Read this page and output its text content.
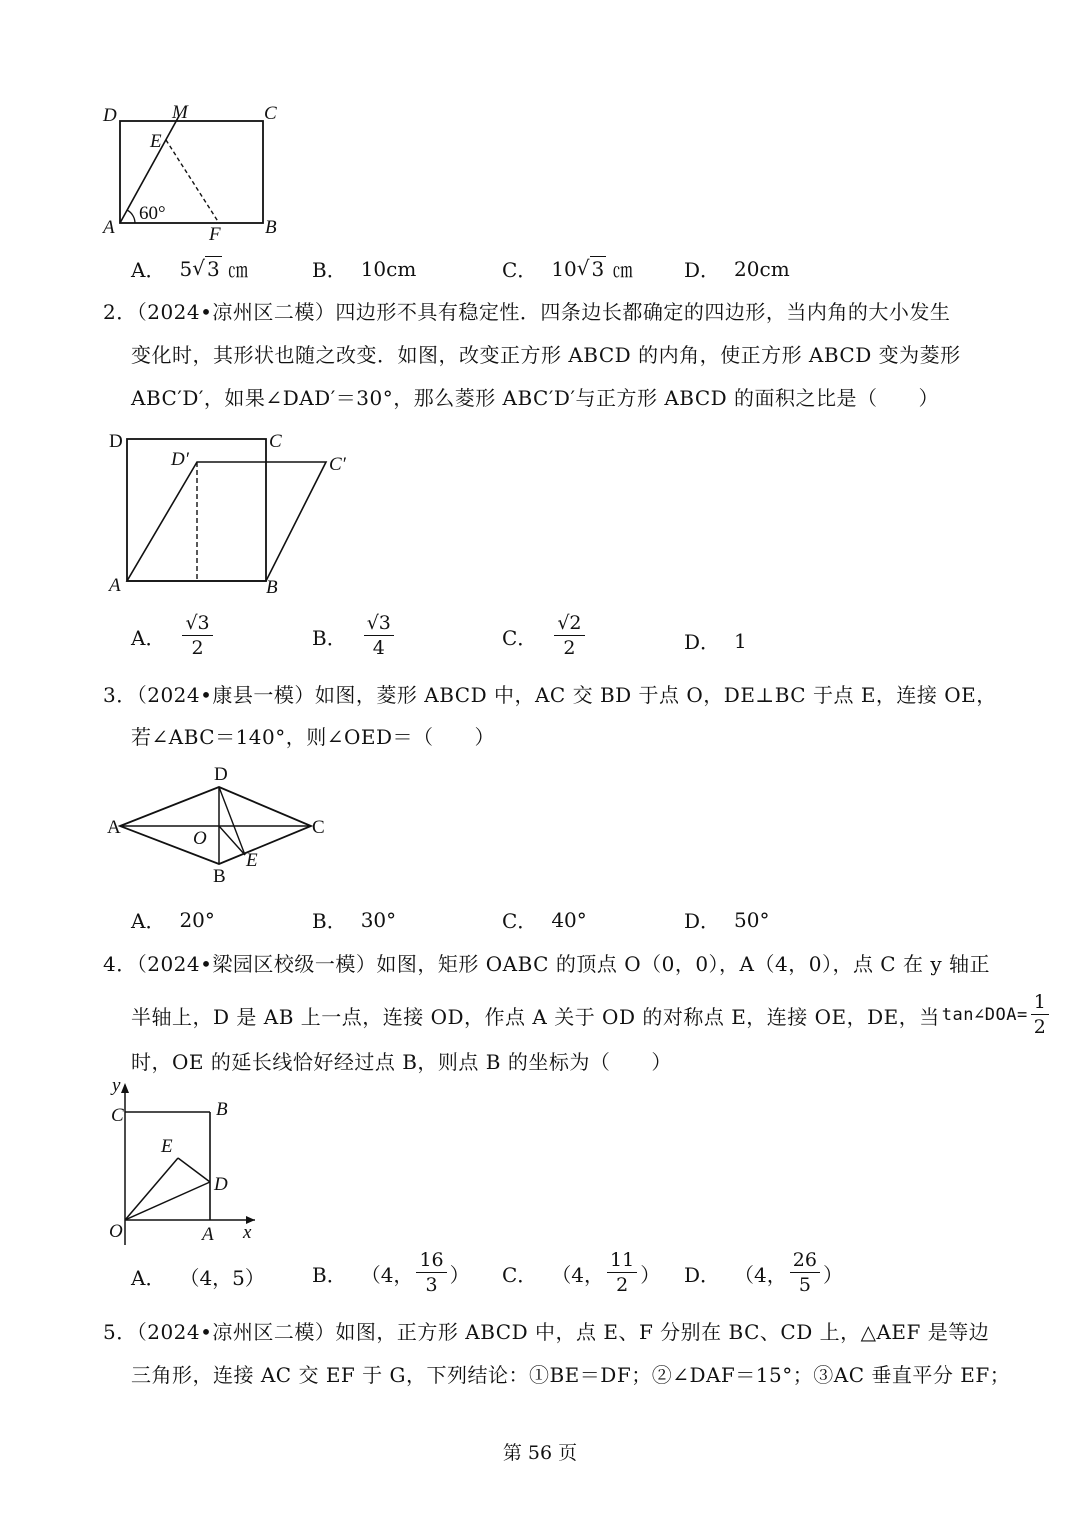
D	M	C
E
A
60°
F B
A． 5 √ 3
㎝	B． 10cm	C． 10 √ 3
㎝	D． 20cm
2．（2024•凉州区二模）四边形不具有稳定性．四条边长都确定的四边形，当内角的大小发生
变化时，其形状也随之改变．如图，改变正方形 ABCD 的内角，使正方形 ABCD 变为菱形
ABC′D′，如果∠DAD′＝30°，那么菱形 ABC′D′与正方形 ABCD 的面积之比是（　　）
D	C
D′	C′
A	B
A． $\frac{√3}{2}$	B． $\frac{√3}{4}$	C． $\frac{√2}{2}$	D． 1
3．（2024•康县一模）如图，菱形 ABCD 中，AC 交 BD 于点 O，DE⊥BC 于点 E，连接 OE，
若∠ABC＝140°，则∠OED＝（　　）
D
A
O
C
E
B
A． 20°	B． 30°	C． 40°	D． 50°
4．（2024•梁园区校级一模）如图，矩形 OABC 的顶点 O（0，0），A（4，0），点 C 在 y 轴正
半轴上，D 是 AB 上一点，连接 OD，作点 A 关于 OD 的对称点 E，连接 OE，DE，当 tan∠DOA= $\frac{1}{2}$
时，OE 的延长线恰好经过点 B，则点 B 的坐标为（　　）
y
C	B
E
D
O	A x
A． （4，5） B． （4， $\frac{16}{3}$ ） C． （4， $\frac{11}{2}$ ） D． （4， $\frac{26}{5}$ ）
5．（2024•凉州区二模）如图，正方形 ABCD 中，点 E、F 分别在 BC、CD 上，△AEF 是等边
三角形，连接 AC 交 EF 于 G，下列结论：①BE＝DF；②∠DAF＝15°；③AC 垂直平分 EF；
第 56 页
